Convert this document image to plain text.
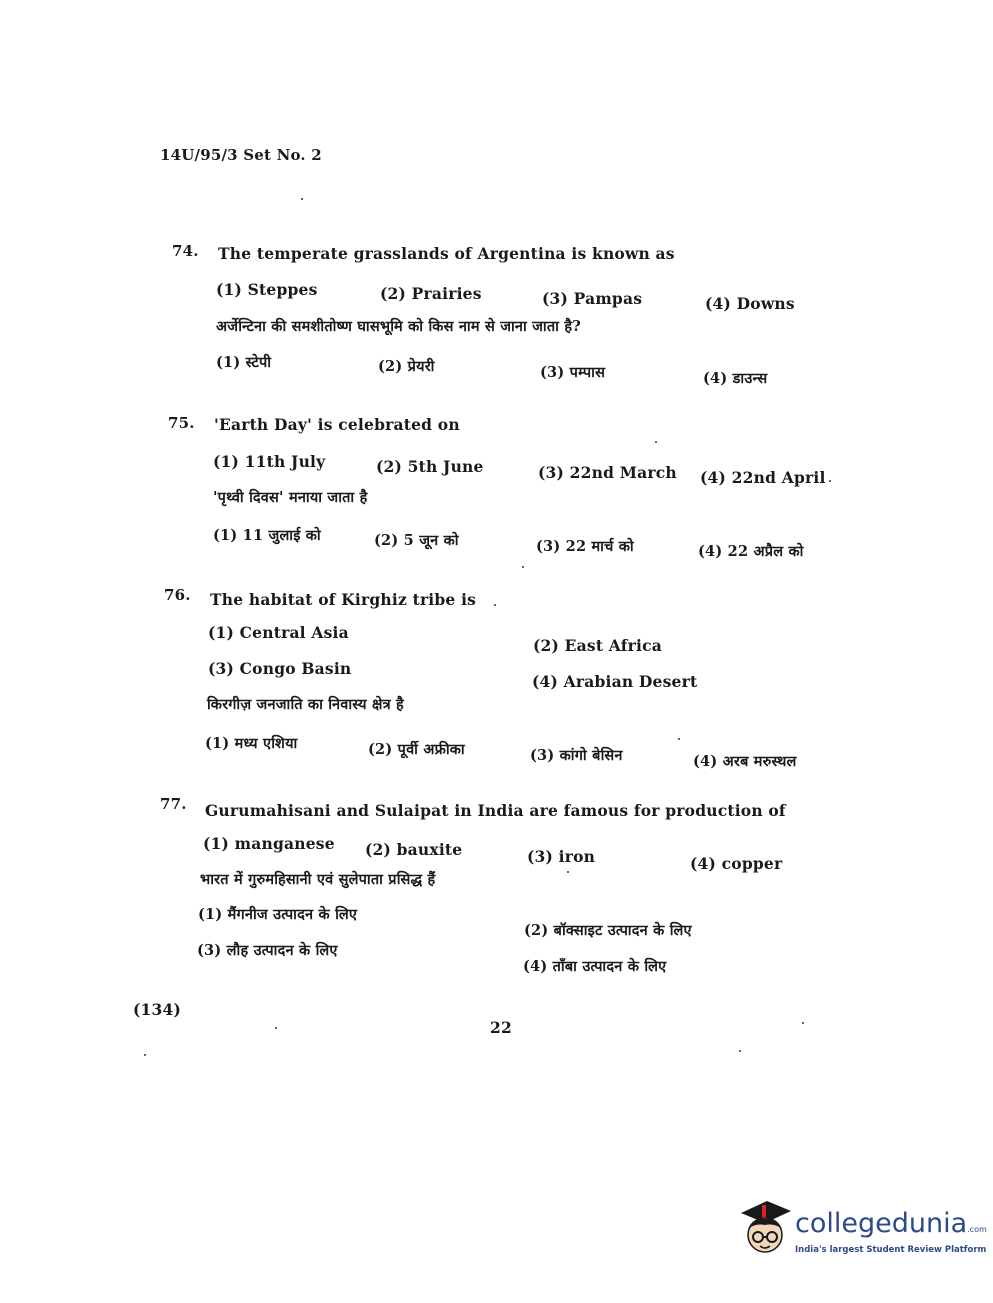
14U/95/3 Set No. 2
74. The temperate grasslands of Argentina is known as
(1) Steppes	(2) Prairies	(3) Pampas	(4) Downs
अर्जेन्टिना की समशीतोष्ण घासभूमि को किस नाम से जाना जाता है?
(1) स्टेपी	(2) प्रेयरी	(3) पम्पास	(4) डाउन्स
75. 'Earth Day' is celebrated on
(1) 11th July	(2) 5th June	(3) 22nd March (4) 22nd April
'पृथ्वी दिवस' मनाया जाता है
(1) 11 जुलाई को	(2) 5 जून को	(3) 22 मार्च को	(4) 22 अप्रैल को
76. The habitat of Kirghiz tribe is
(1) Central Asia
(2) East Africa
(3) Congo Basin
(4) Arabian Desert
किरगीज़ जनजाति का निवास्य क्षेत्र है
(1) मध्य एशिया	(2) पूर्वी अफ्रीका	(3) कांगो बेसिन	(4) अरब मरुस्थल
77. Gurumahisani and Sulaipat in India are famous for production of
(1) manganese (2) bauxite	(3) iron	(4) copper
भारत में गुरुमहिसानी एवं सुलेपाता प्रसिद्ध हैं
(1) मैंगनीज उत्पादन के लिए
(2) बॉक्साइट उत्पादन के लिए
(3) लौह उत्पादन के लिए
(4) ताँबा उत्पादन के लिए
(134)
22
collegedunia.com
India's largest Student Review Platform
